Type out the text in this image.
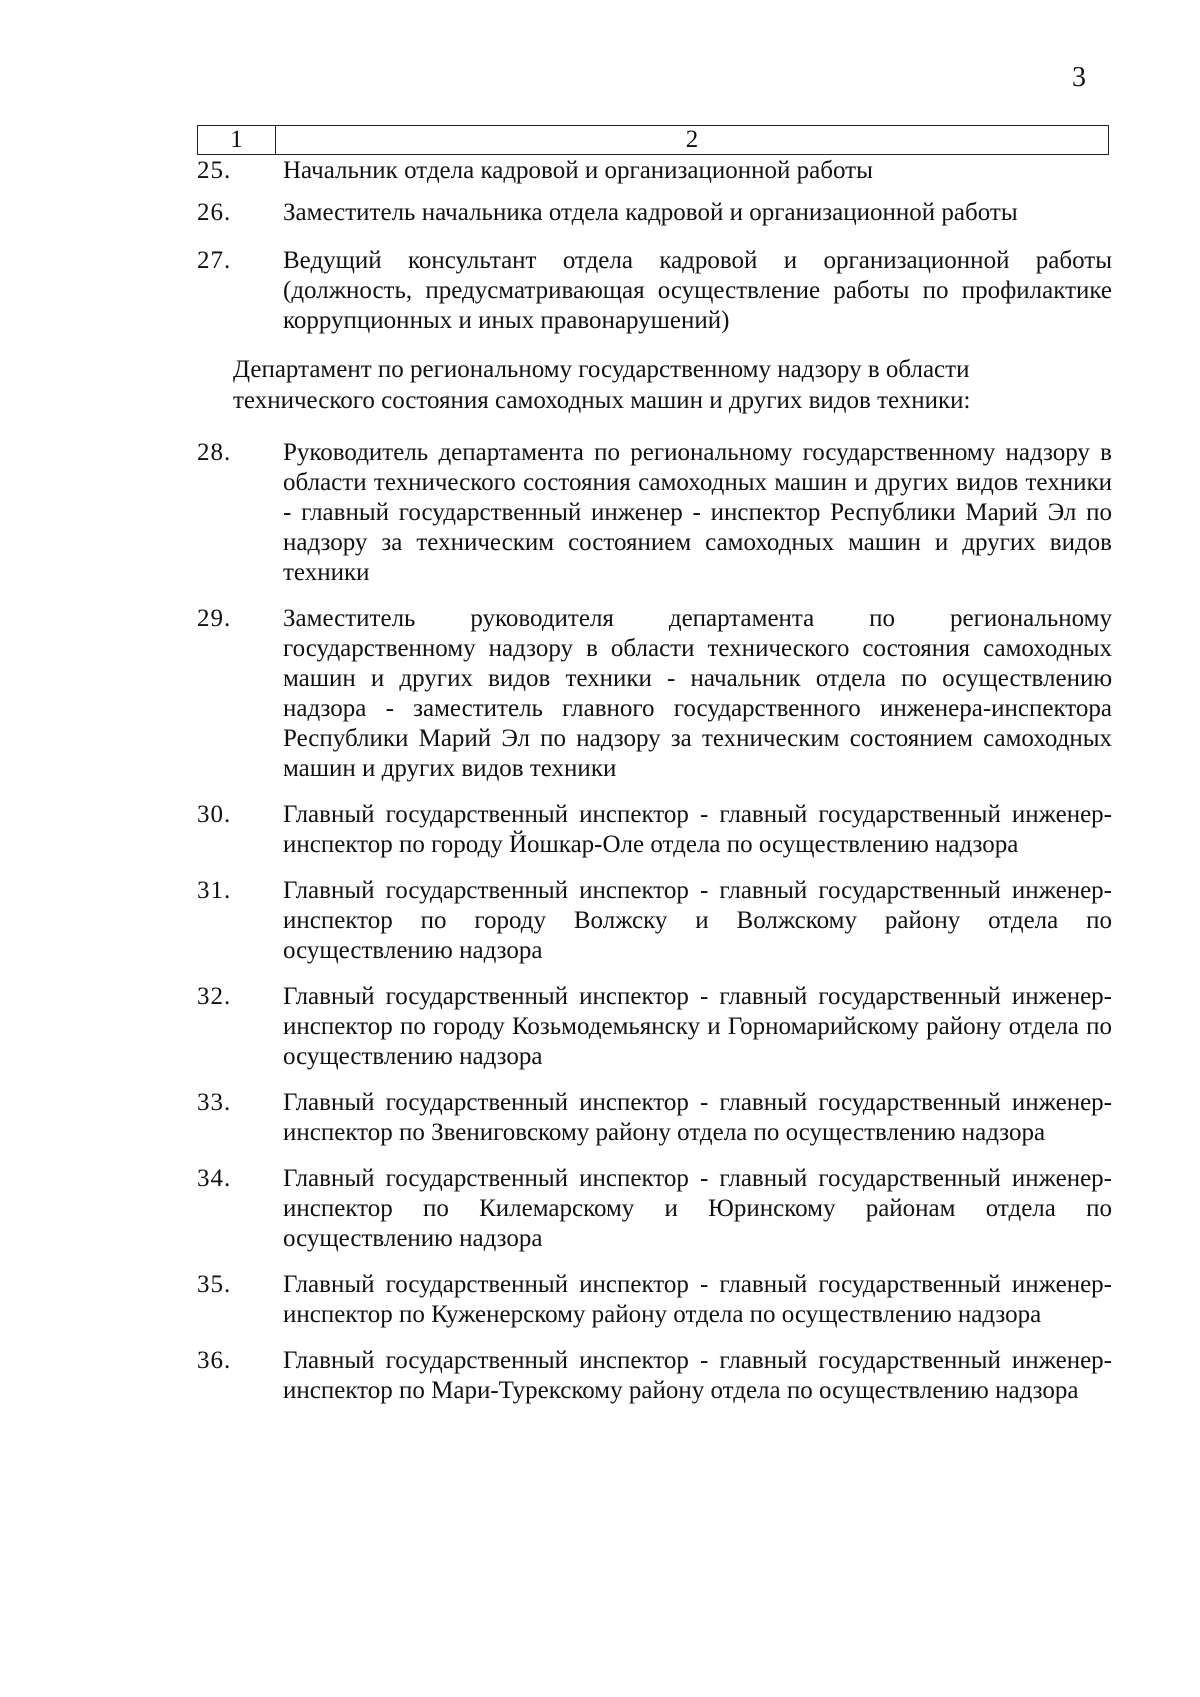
3
1	2
25.	Начальник отдела кадровой и организационной работы
26.	Заместитель начальника отдела кадровой и организационной работы
27.	Ведущий консультант отдела кадровой и организационной работы (должность, предусматривающая осуществление работы по профилактике коррупционных и иных правонарушений)
Департамент по региональному государственному надзору в области технического состояния самоходных машин и других видов техники:
28.	Руководитель департамента по региональному государственному надзору в области технического состояния самоходных машин и других видов техники - главный государственный инженер - инспектор Республики Марий Эл по надзору за техническим состоянием самоходных машин и других видов техники
29.	Заместитель руководителя департамента по региональному государственному надзору в области технического состояния самоходных машин и других видов техники - начальник отдела по осуществлению надзора - заместитель главного государственного инженера-инспектора Республики Марий Эл по надзору за техническим состоянием самоходных машин и других видов техники
30.	Главный государственный инспектор - главный государственный инженер-инспектор по городу Йошкар-Оле отдела по осуществлению надзора
31.	Главный государственный инспектор - главный государственный инженер-инспектор по городу Волжску и Волжскому району отдела по осуществлению надзора
32.	Главный государственный инспектор - главный государственный инженер-инспектор по городу Козьмодемьянску и Горномарийскому району отдела по осуществлению надзора
33.	Главный государственный инспектор - главный государственный инженер-инспектор по Звениговскому району отдела по осуществлению надзора
34.	Главный государственный инспектор - главный государственный инженер-инспектор по Килемарскому и Юринскому районам отдела по осуществлению надзора
35.	Главный государственный инспектор - главный государственный инженер-инспектор по Куженерскому району отдела по осуществлению надзора
36.	Главный государственный инспектор - главный государственный инженер-инспектор по Мари-Турекскому району отдела по осуществлению надзора
